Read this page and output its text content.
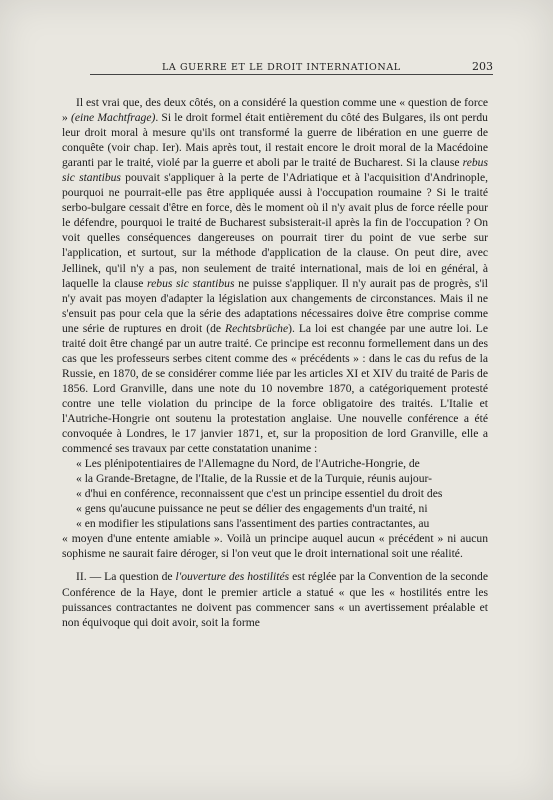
LA GUERRE ET LE DROIT INTERNATIONAL	203

Il est vrai que, des deux côtés, on a considéré la question comme une « question de force » (eine Machtfrage). Si le droit formel était entièrement du côté des Bulgares, ils ont perdu leur droit moral à mesure qu'ils ont transformé la guerre de libération en une guerre de conquête (voir chap. Ier). Mais après tout, il restait encore le droit moral de la Macédoine garanti par le traité, violé par la guerre et aboli par le traité de Bucharest. Si la clause rebus sic stantibus pouvait s'appliquer à la perte de l'Adriatique et à l'acquisition d'Andrinople, pourquoi ne pourrait-elle pas être appliquée aussi à l'occupation roumaine ? Si le traité serbo-bulgare cessait d'être en force, dès le moment où il n'y avait plus de force réelle pour le défendre, pourquoi le traité de Bucharest subsisterait-il après la fin de l'occupation ? On voit quelles conséquences dangereuses on pourrait tirer du point de vue serbe sur l'application, et surtout, sur la méthode d'application de la clause. On peut dire, avec Jellinek, qu'il n'y a pas, non seulement de traité international, mais de loi en général, à laquelle la clause rebus sic stantibus ne puisse s'appliquer. Il n'y aurait pas de progrès, s'il n'y avait pas moyen d'adapter la législation aux changements de circonstances. Mais il ne s'ensuit pas pour cela que la série des adaptations nécessaires doive être comprise comme une série de ruptures en droit (de Rechtsbrüche). La loi est changée par une autre loi. Le traité doit être changé par un autre traité. Ce principe est reconnu formellement dans un des cas que les professeurs serbes citent comme des « précédents » : dans le cas du refus de la Russie, en 1870, de se considérer comme liée par les articles XI et XIV du traité de Paris de 1856. Lord Granville, dans une note du 10 novembre 1870, a catégoriquement protesté contre une telle violation du principe de la force obligatoire des traités. L'Italie et l'Autriche-Hongrie ont soutenu la protestation anglaise. Une nouvelle conférence a été convoquée à Londres, le 17 janvier 1871, et, sur la proposition de lord Granville, elle a commencé ses travaux par cette constatation unanime :
« Les plénipotentiaires de l'Allemagne du Nord, de l'Autriche-Hongrie, de
« la Grande-Bretagne, de l'Italie, de la Russie et de la Turquie, réunis aujour-
« d'hui en conférence, reconnaissent que c'est un principe essentiel du droit des
« gens qu'aucune puissance ne peut se délier des engagements d'un traité, ni
« en modifier les stipulations sans l'assentiment des parties contractantes, au
« moyen d'une entente amiable ». Voilà un principe auquel aucun « précédent » ni aucun sophisme ne saurait faire déroger, si l'on veut que le droit international soit une réalité.

II. — La question de l'ouverture des hostilités est réglée par la Convention de la seconde Conférence de la Haye, dont le premier article a statué « que les « hostilités entre les puissances contractantes ne doivent pas commencer sans « un avertissement préalable et non équivoque qui doit avoir, soit la forme
